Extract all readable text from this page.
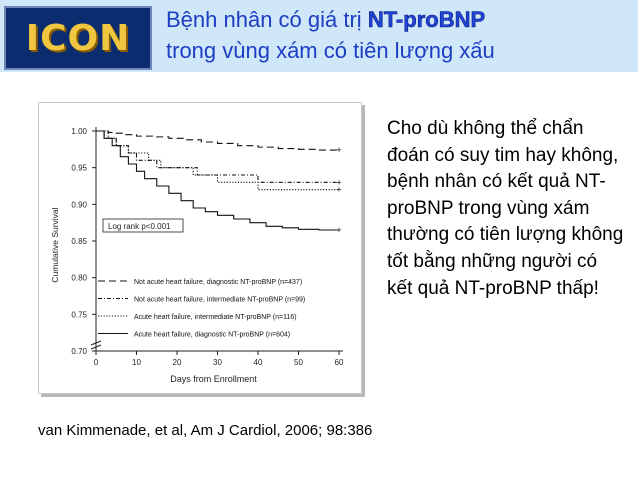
ICON	Bệnh nhân có giá trị NT-proBNP
trong vùng xám có tiên lượng xấu
0.70
0.75
0.80
0.85
0.90
0.95
1.00
0	10	20	30	40	50	60
Days from Enrollment
Cumulative Survival	Log rank p<0.001
+
+
+
+
Not acute heart failure, diagnostic NT-proBNP (n=437)
Not acute heart failure, intermediate NT-proBNP (n=99)
Acute heart failure, intermediate NT-proBNP (n=116)
Acute heart failure, diagnostic NT-proBNP (n=604)
Cho dù không thể chẩn đoán có suy tim hay không, bệnh nhân có kết quả NT-proBNP trong vùng xám thường có tiên lượng không tốt bằng những người có kết quả NT-proBNP thấp!
van Kimmenade, et al, Am J Cardiol, 2006; 98:386
